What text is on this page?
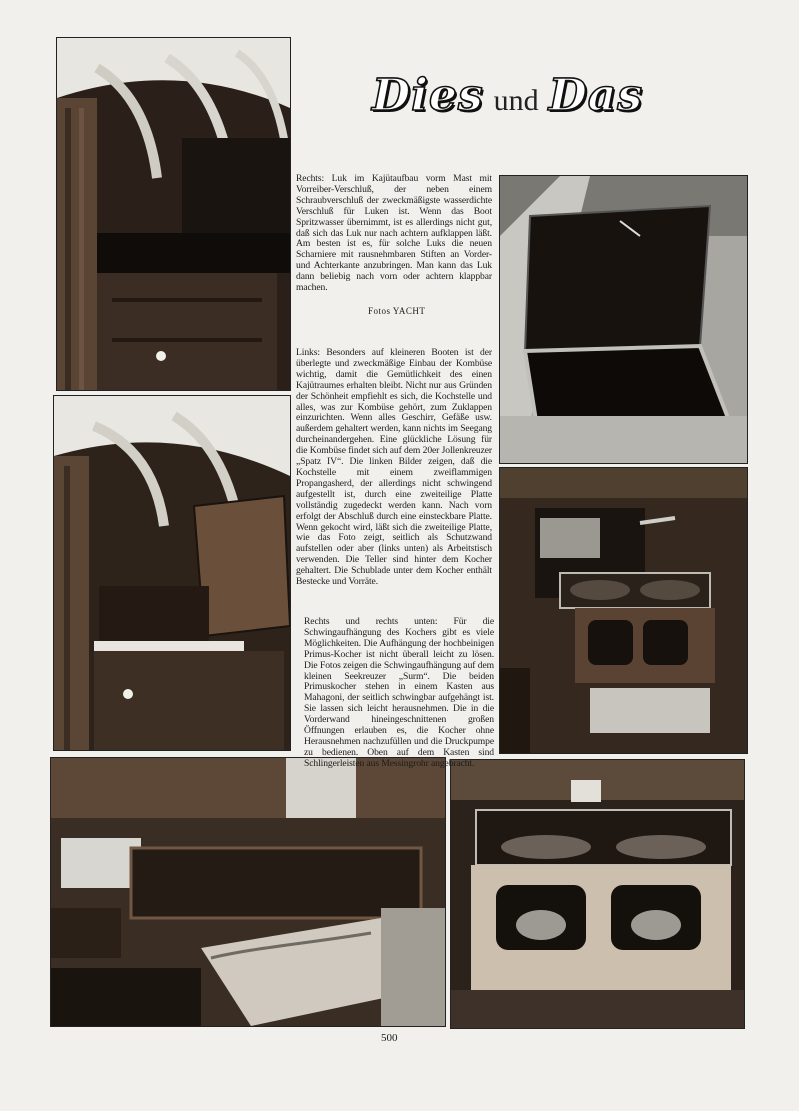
Dies und Das
Rechts: Luk im Kajütaufbau vorm Mast mit Vorreiber-Verschluß, der neben einem Schraubverschluß der zweckmäßigste wasserdichte Verschluß für Luken ist. Wenn das Boot Spritzwasser übernimmt, ist es allerdings nicht gut, daß sich das Luk nur nach achtern aufklappen läßt. Am besten ist es, für solche Luks die neuen Scharniere mit rausnehmbaren Stiften an Vorder- und Achterkante anzubringen. Man kann das Luk dann beliebig nach vorn oder achtern klappbar machen.
Fotos YACHT
Links: Besonders auf kleineren Booten ist der überlegte und zweckmäßige Einbau der Kombüse wichtig, damit die Gemütlichkeit des einen Kajütraumes erhalten bleibt. Nicht nur aus Gründen der Schönheit empfiehlt es sich, die Kochstelle und alles, was zur Kombüse gehört, zum Zuklappen einzurichten. Wenn alles Geschirr, Gefäße usw. außerdem gehaltert werden, kann nichts im Seegang durcheinandergehen. Eine glückliche Lösung für die Kombüse findet sich auf dem 20er Jollenkreuzer „Spatz IV“. Die linken Bilder zeigen, daß die Kochstelle mit einem zweiflammigen Propangasherd, der allerdings nicht schwingend aufgestellt ist, durch eine zweiteilige Platte vollständig zugedeckt werden kann. Nach vorn erfolgt der Abschluß durch eine einsteckbare Platte. Wenn gekocht wird, läßt sich die zweiteilige Platte, wie das Foto zeigt, seitlich als Schutzwand aufstellen oder aber (links unten) als Arbeitstisch verwenden. Die Teller sind hinter dem Kocher gehaltert. Die Schublade unter dem Kocher enthält Bestecke und Vorräte.
Rechts und rechts unten: Für die Schwingaufhängung des Kochers gibt es viele Möglichkeiten. Die Aufhängung der hochbeinigen Primus-Kocher ist nicht überall leicht zu lösen. Die Fotos zeigen die Schwingaufhängung auf dem kleinen Seekreuzer „Surm“. Die beiden Primuskocher stehen in einem Kasten aus Mahagoni, der seitlich schwingbar aufgehängt ist. Sie lassen sich leicht herausnehmen. Die in die Vorderwand hineingeschnittenen großen Öffnungen erlauben es, die Kocher ohne Herausnehmen nachzufüllen und die Druckpumpe zu bedienen. Oben auf dem Kasten sind Schlingerleisten aus Messingrohr angebracht.
500
